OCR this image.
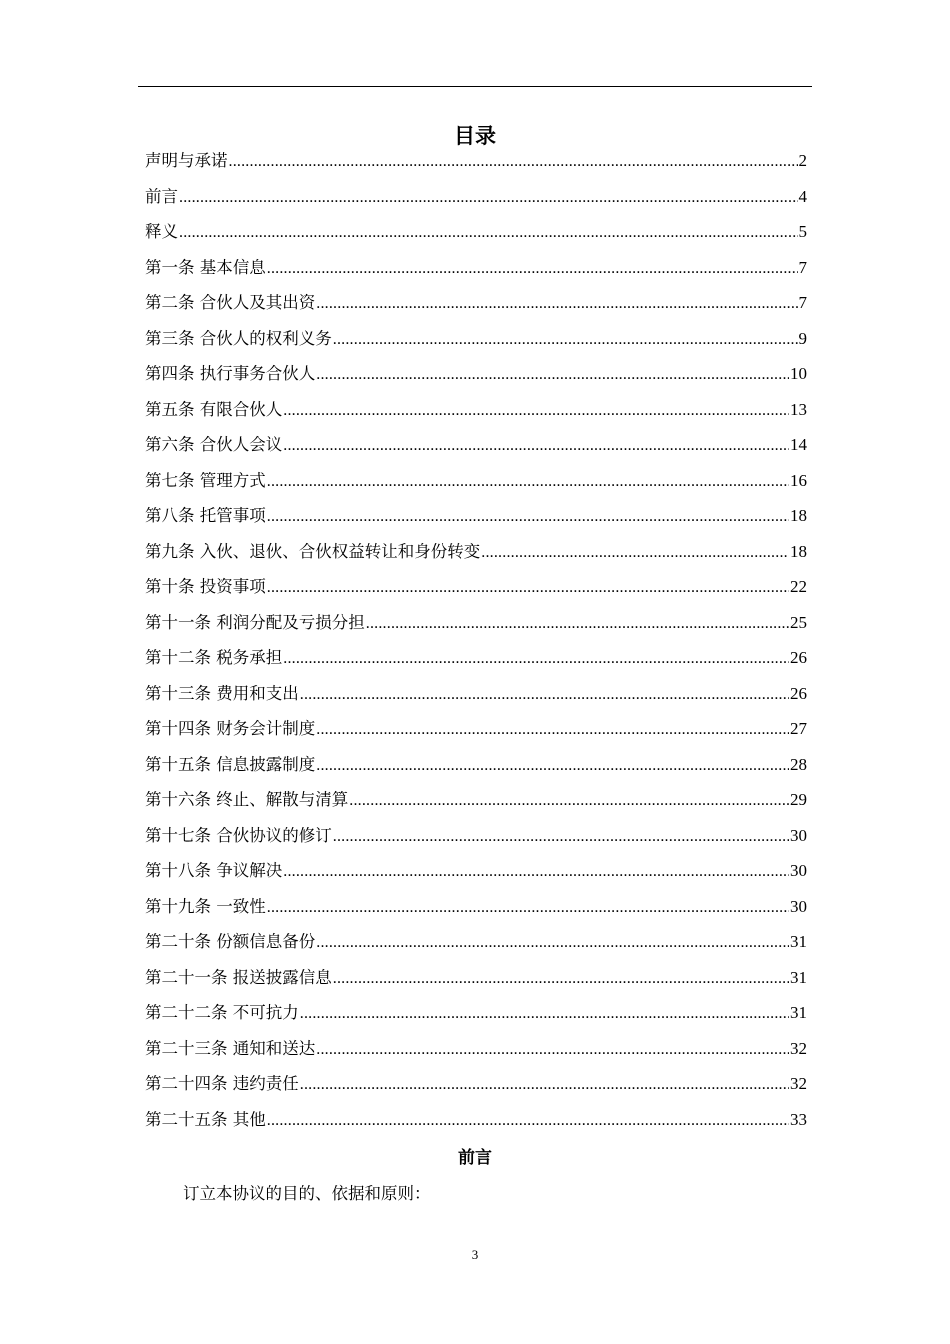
目录
声明与承诺 .....	2
前言 .....	4
释义 .....	5
第一条 基本信息 .....	7
第二条 合伙人及其出资 .....	7
第三条 合伙人的权利义务 .....	9
第四条 执行事务合伙人 .....	10
第五条 有限合伙人 .....	13
第六条 合伙人会议 .....	14
第七条 管理方式 .....	16
第八条 托管事项 .....	18
第九条 入伙、退伙、合伙权益转让和身份转变 .....	18
第十条 投资事项 .....	22
第十一条 利润分配及亏损分担 .....	25
第十二条 税务承担 .....	26
第十三条 费用和支出 .....	26
第十四条 财务会计制度 .....	27
第十五条 信息披露制度 .....	28
第十六条 终止、解散与清算 .....	29
第十七条 合伙协议的修订 .....	30
第十八条 争议解决 .....	30
第十九条 一致性 .....	30
第二十条 份额信息备份 .....	31
第二十一条 报送披露信息 .....	31
第二十二条 不可抗力 .....	31
第二十三条 通知和送达 .....	32
第二十四条 违约责任 .....	32
第二十五条 其他 .....	33
前言
订立本协议的目的、依据和原则：
3
